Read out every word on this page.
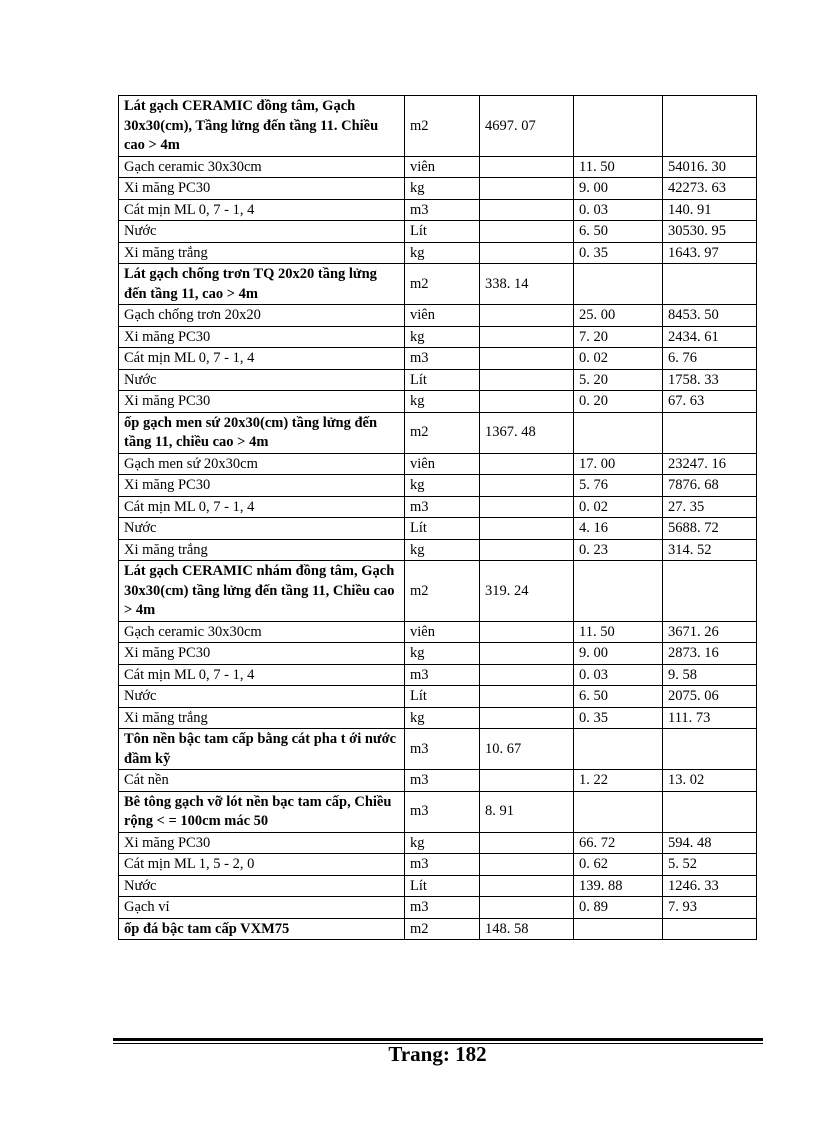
Lát gạch CERAMIC đồng tâm, Gạch 30x30(cm), Tầng lửng đến tầng 11. Chiều cao > 4m	m2	4697. 07		
Gạch ceramic 30x30cm	viên		11. 50	54016. 30
Xi măng PC30	kg		9. 00	42273. 63
Cát mịn ML 0, 7 - 1, 4	m3		0. 03	140. 91
Nước	Lít		6. 50	30530. 95
Xi măng trắng	kg		0. 35	1643. 97
Lát gạch chống trơn TQ 20x20 tầng lửng đến tầng 11, cao > 4m	m2	338. 14		
Gạch chống trơn 20x20	viên		25. 00	8453. 50
Xi măng PC30	kg		7. 20	2434. 61
Cát mịn ML 0, 7 - 1, 4	m3		0. 02	6. 76
Nước	Lít		5. 20	1758. 33
Xi măng PC30	kg		0. 20	67. 63
ốp gạch men sứ 20x30(cm) tầng lửng đến tầng 11, chiều cao > 4m	m2	1367. 48		
Gạch men sứ 20x30cm	viên		17. 00	23247. 16
Xi măng PC30	kg		5. 76	7876. 68
Cát mịn ML 0, 7 - 1, 4	m3		0. 02	27. 35
Nước	Lít		4. 16	5688. 72
Xi măng trắng	kg		0. 23	314. 52
Lát gạch CERAMIC nhám đồng tâm, Gạch 30x30(cm) tầng lửng đến tầng 11, Chiều cao > 4m	m2	319. 24		
Gạch ceramic 30x30cm	viên		11. 50	3671. 26
Xi măng PC30	kg		9. 00	2873. 16
Cát mịn ML 0, 7 - 1, 4	m3		0. 03	9. 58
Nước	Lít		6. 50	2075. 06
Xi măng trắng	kg		0. 35	111. 73
Tôn nền bậc tam cấp bằng cát pha t ới nước đầm kỹ	m3	10. 67		
Cát nền	m3		1. 22	13. 02
Bê tông gạch vỡ lót nền bạc tam cấp, Chiều rộng < = 100cm mác 50	m3	8. 91		
Xi măng PC30	kg		66. 72	594. 48
Cát mịn ML 1, 5 - 2, 0	m3		0. 62	5. 52
Nước	Lít		139. 88	1246. 33
Gạch vỉ	m3		0. 89	7. 93
ốp đá bậc tam cấp VXM75	m2	148. 58		
Trang: 182
